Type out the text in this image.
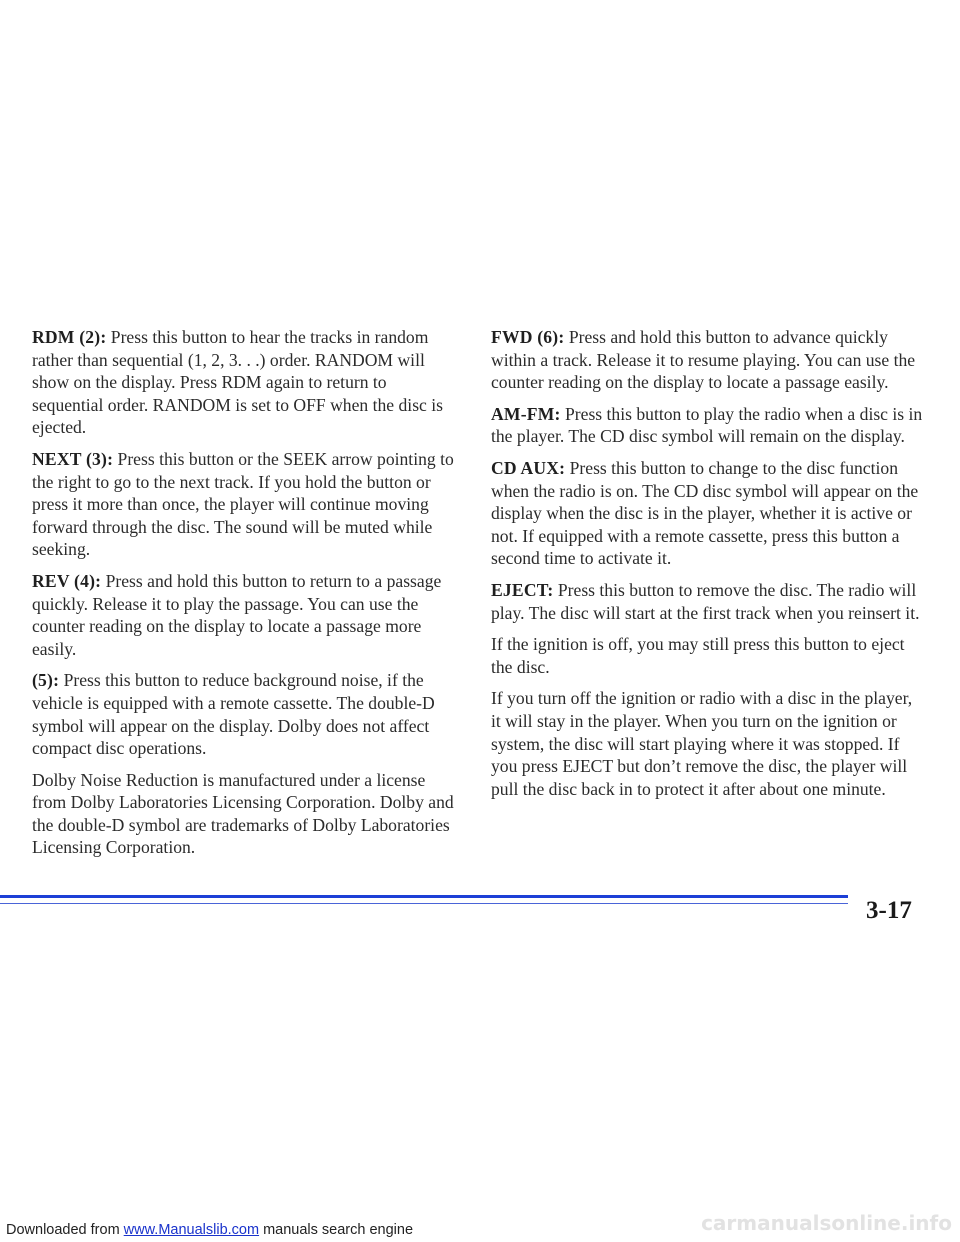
RDM (2): Press this button to hear the tracks in random rather than sequential (1, 2, 3. . .) order. RANDOM will show on the display. Press RDM again to return to sequential order. RANDOM is set to OFF when the disc is ejected.

NEXT (3): Press this button or the SEEK arrow pointing to the right to go to the next track. If you hold the button or press it more than once, the player will continue moving forward through the disc. The sound will be muted while seeking.

REV (4): Press and hold this button to return to a passage quickly. Release it to play the passage. You can use the counter reading on the display to locate a passage more easily.

(5): Press this button to reduce background noise, if the vehicle is equipped with a remote cassette. The double-D symbol will appear on the display. Dolby does not affect compact disc operations.

Dolby Noise Reduction is manufactured under a license from Dolby Laboratories Licensing Corporation. Dolby and the double-D symbol are trademarks of Dolby Laboratories Licensing Corporation.

FWD (6): Press and hold this button to advance quickly within a track. Release it to resume playing. You can use the counter reading on the display to locate a passage easily.

AM-FM: Press this button to play the radio when a disc is in the player. The CD disc symbol will remain on the display.

CD AUX: Press this button to change to the disc function when the radio is on. The CD disc symbol will appear on the display when the disc is in the player, whether it is active or not. If equipped with a remote cassette, press this button a second time to activate it.

EJECT: Press this button to remove the disc. The radio will play. The disc will start at the first track when you reinsert it.

If the ignition is off, you may still press this button to eject the disc.

If you turn off the ignition or radio with a disc in the player, it will stay in the player. When you turn on the ignition or system, the disc will start playing where it was stopped. If you press EJECT but don’t remove the disc, the player will pull the disc back in to protect it after about one minute.

3-17
Downloaded from www.Manualslib.com manuals search engine	carmanualsonline.info
